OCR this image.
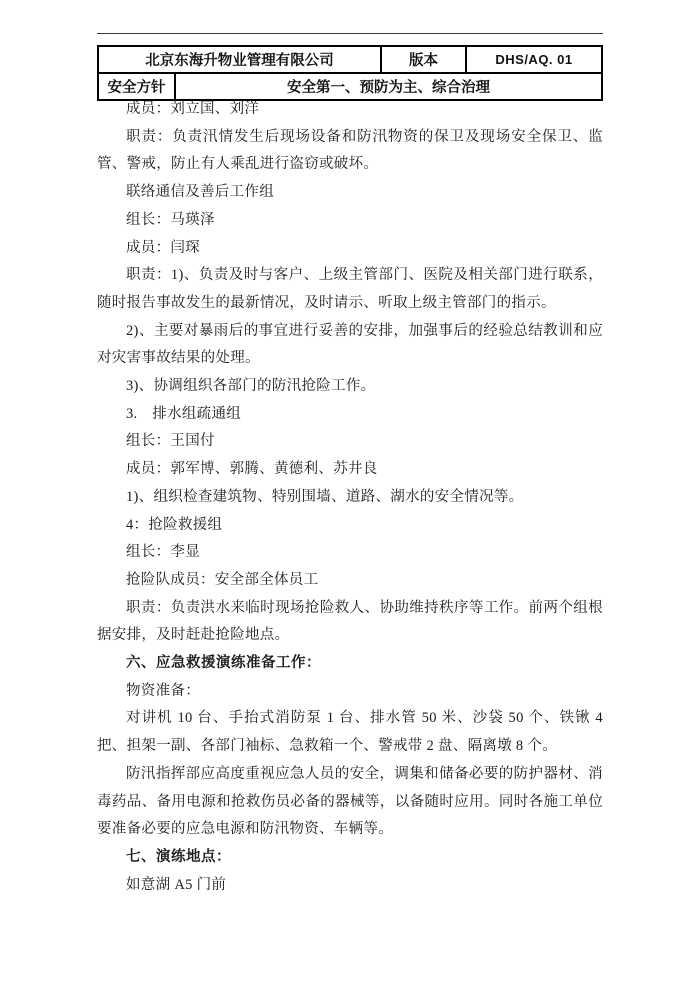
北京东海升物业管理有限公司	版本	DHS/AQ. 01
安全方针	安全第一、预防为主、综合治理

成员：刘立国、刘洋

职责：负责汛情发生后现场设备和防汛物资的保卫及现场安全保卫、监管、警戒，防止有人乘乱进行盗窃或破坏。

联络通信及善后工作组

组长：马瑛泽

成员：闫琛

职责：1)、负责及时与客户、上级主管部门、医院及相关部门进行联系，随时报告事故发生的最新情况，及时请示、听取上级主管部门的指示。

2)、主要对暴雨后的事宜进行妥善的安排，加强事后的经验总结教训和应对灾害事故结果的处理。

3)、协调组织各部门的防汛抢险工作。

3.　排水组疏通组

组长：王国付

成员：郭军博、郭腾、黄德利、苏井良

1)、组织检查建筑物、特别围墙、道路、湖水的安全情况等。

4：抢险救援组

组长：李显

抢险队成员：安全部全体员工

职责：负责洪水来临时现场抢险救人、协助维持秩序等工作。前两个组根据安排，及时赶赴抢险地点。

六、应急救援演练准备工作：

物资准备：

对讲机 10 台、手抬式消防泵 1 台、排水管 50 米、沙袋 50 个、铁锹 4 把、担架一副、各部门袖标、急救箱一个、警戒带 2 盘、隔离墩 8 个。

防汛指挥部应高度重视应急人员的安全，调集和储备必要的防护器材、消毒药品、备用电源和抢救伤员必备的器械等，以备随时应用。同时各施工单位要准备必要的应急电源和防汛物资、车辆等。

七、演练地点：

如意湖 A5 门前
